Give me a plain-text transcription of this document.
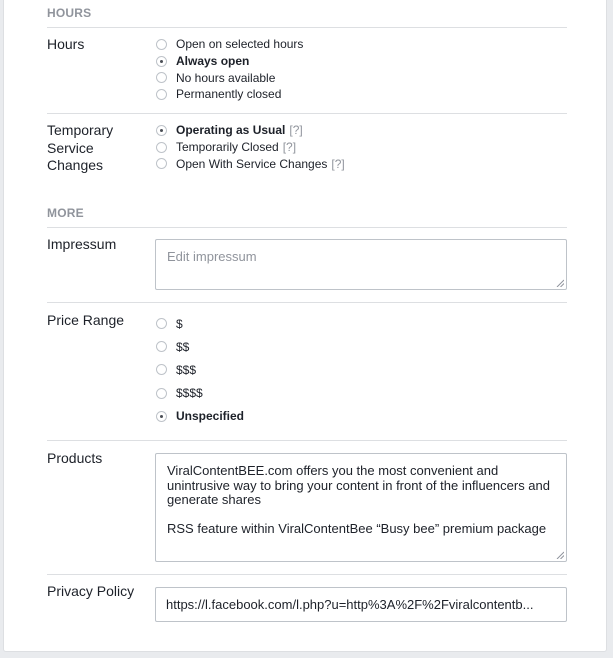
HOURS
Hours	Open on selected hours
Always open
No hours available
Permanently closed
Temporary Service Changes
Operating as Usual [?]
Temporarily Closed [?]
Open With Service Changes [?]
MORE
Impressum
Edit impressum
Price Range	$
$$
$$$
$$$$
Unspecified
Products
ViralContentBEE.com offers you the most convenient and unintrusive way to bring your content in front of the influencers and generate shares
RSS feature within ViralContentBee “Busy bee” premium package
Privacy Policy
https://l.facebook.com/l.php?u=http%3A%2F%2Fviralcontentb...
